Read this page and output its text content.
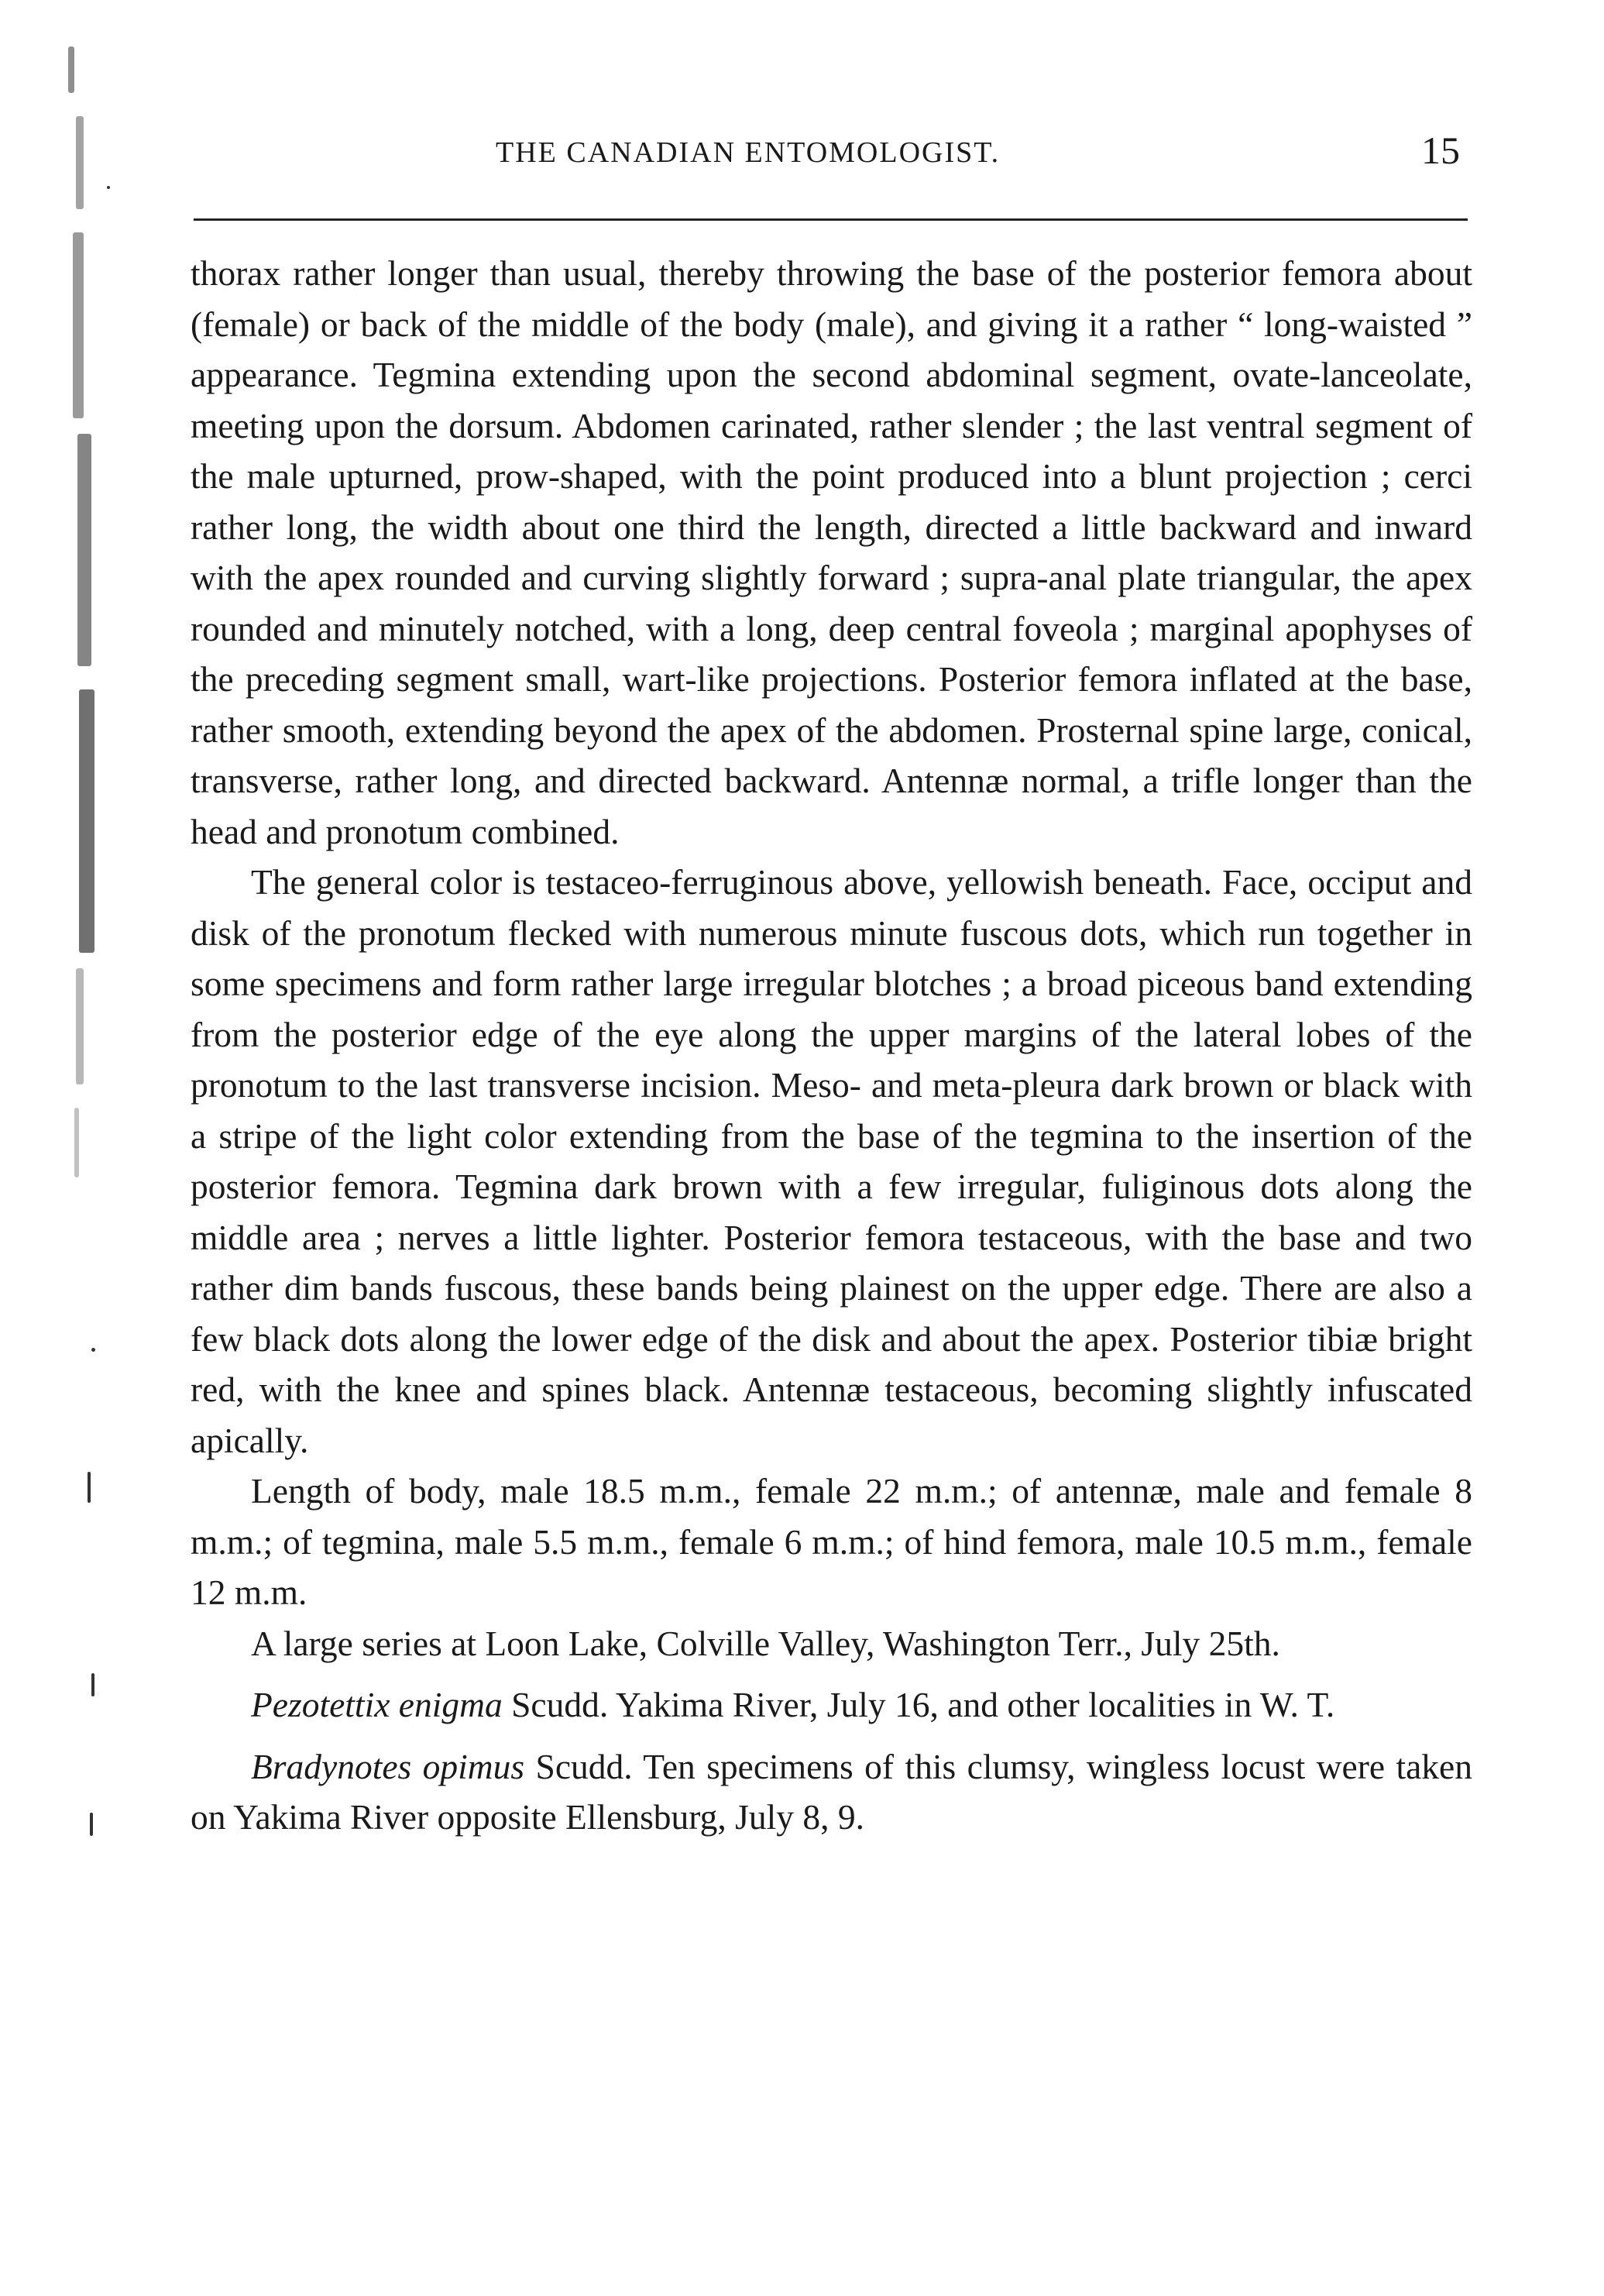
THE CANADIAN ENTOMOLOGIST.	15

thorax rather longer than usual, thereby throwing the base of the posterior femora about (female) or back of the middle of the body (male), and giving it a rather “ long-waisted ” appearance. Tegmina extending upon the second abdominal segment, ovate-lanceolate, meeting upon the dorsum. Abdomen carinated, rather slender ; the last ventral segment of the male upturned, prow-shaped, with the point produced into a blunt projection ; cerci rather long, the width about one third the length, directed a little backward and inward with the apex rounded and curving slightly forward ; supra-anal plate triangular, the apex rounded and minutely notched, with a long, deep central foveola ; marginal apophyses of the preceding segment small, wart-like projections. Posterior femora inflated at the base, rather smooth, extending beyond the apex of the abdomen. Prosternal spine large, conical, transverse, rather long, and directed backward. Antennæ normal, a trifle longer than the head and pronotum combined.

The general color is testaceo-ferruginous above, yellowish beneath. Face, occiput and disk of the pronotum flecked with numerous minute fuscous dots, which run together in some specimens and form rather large irregular blotches ; a broad piceous band extending from the posterior edge of the eye along the upper margins of the lateral lobes of the pronotum to the last transverse incision. Meso- and meta-pleura dark brown or black with a stripe of the light color extending from the base of the tegmina to the insertion of the posterior femora. Tegmina dark brown with a few irregular, fuliginous dots along the middle area ; nerves a little lighter. Posterior femora testaceous, with the base and two rather dim bands fuscous, these bands being plainest on the upper edge. There are also a few black dots along the lower edge of the disk and about the apex. Posterior tibiæ bright red, with the knee and spines black. Antennæ testaceous, becoming slightly infuscated apically.

Length of body, male 18.5 m.m., female 22 m.m.; of antennæ, male and female 8 m.m.; of tegmina, male 5.5 m.m., female 6 m.m.; of hind femora, male 10.5 m.m., female 12 m.m.

A large series at Loon Lake, Colville Valley, Washington Terr., July 25th.

Pezotettix enigma Scudd. Yakima River, July 16, and other localities in W. T.

Bradynotes opimus Scudd. Ten specimens of this clumsy, wingless locust were taken on Yakima River opposite Ellensburg, July 8, 9.
